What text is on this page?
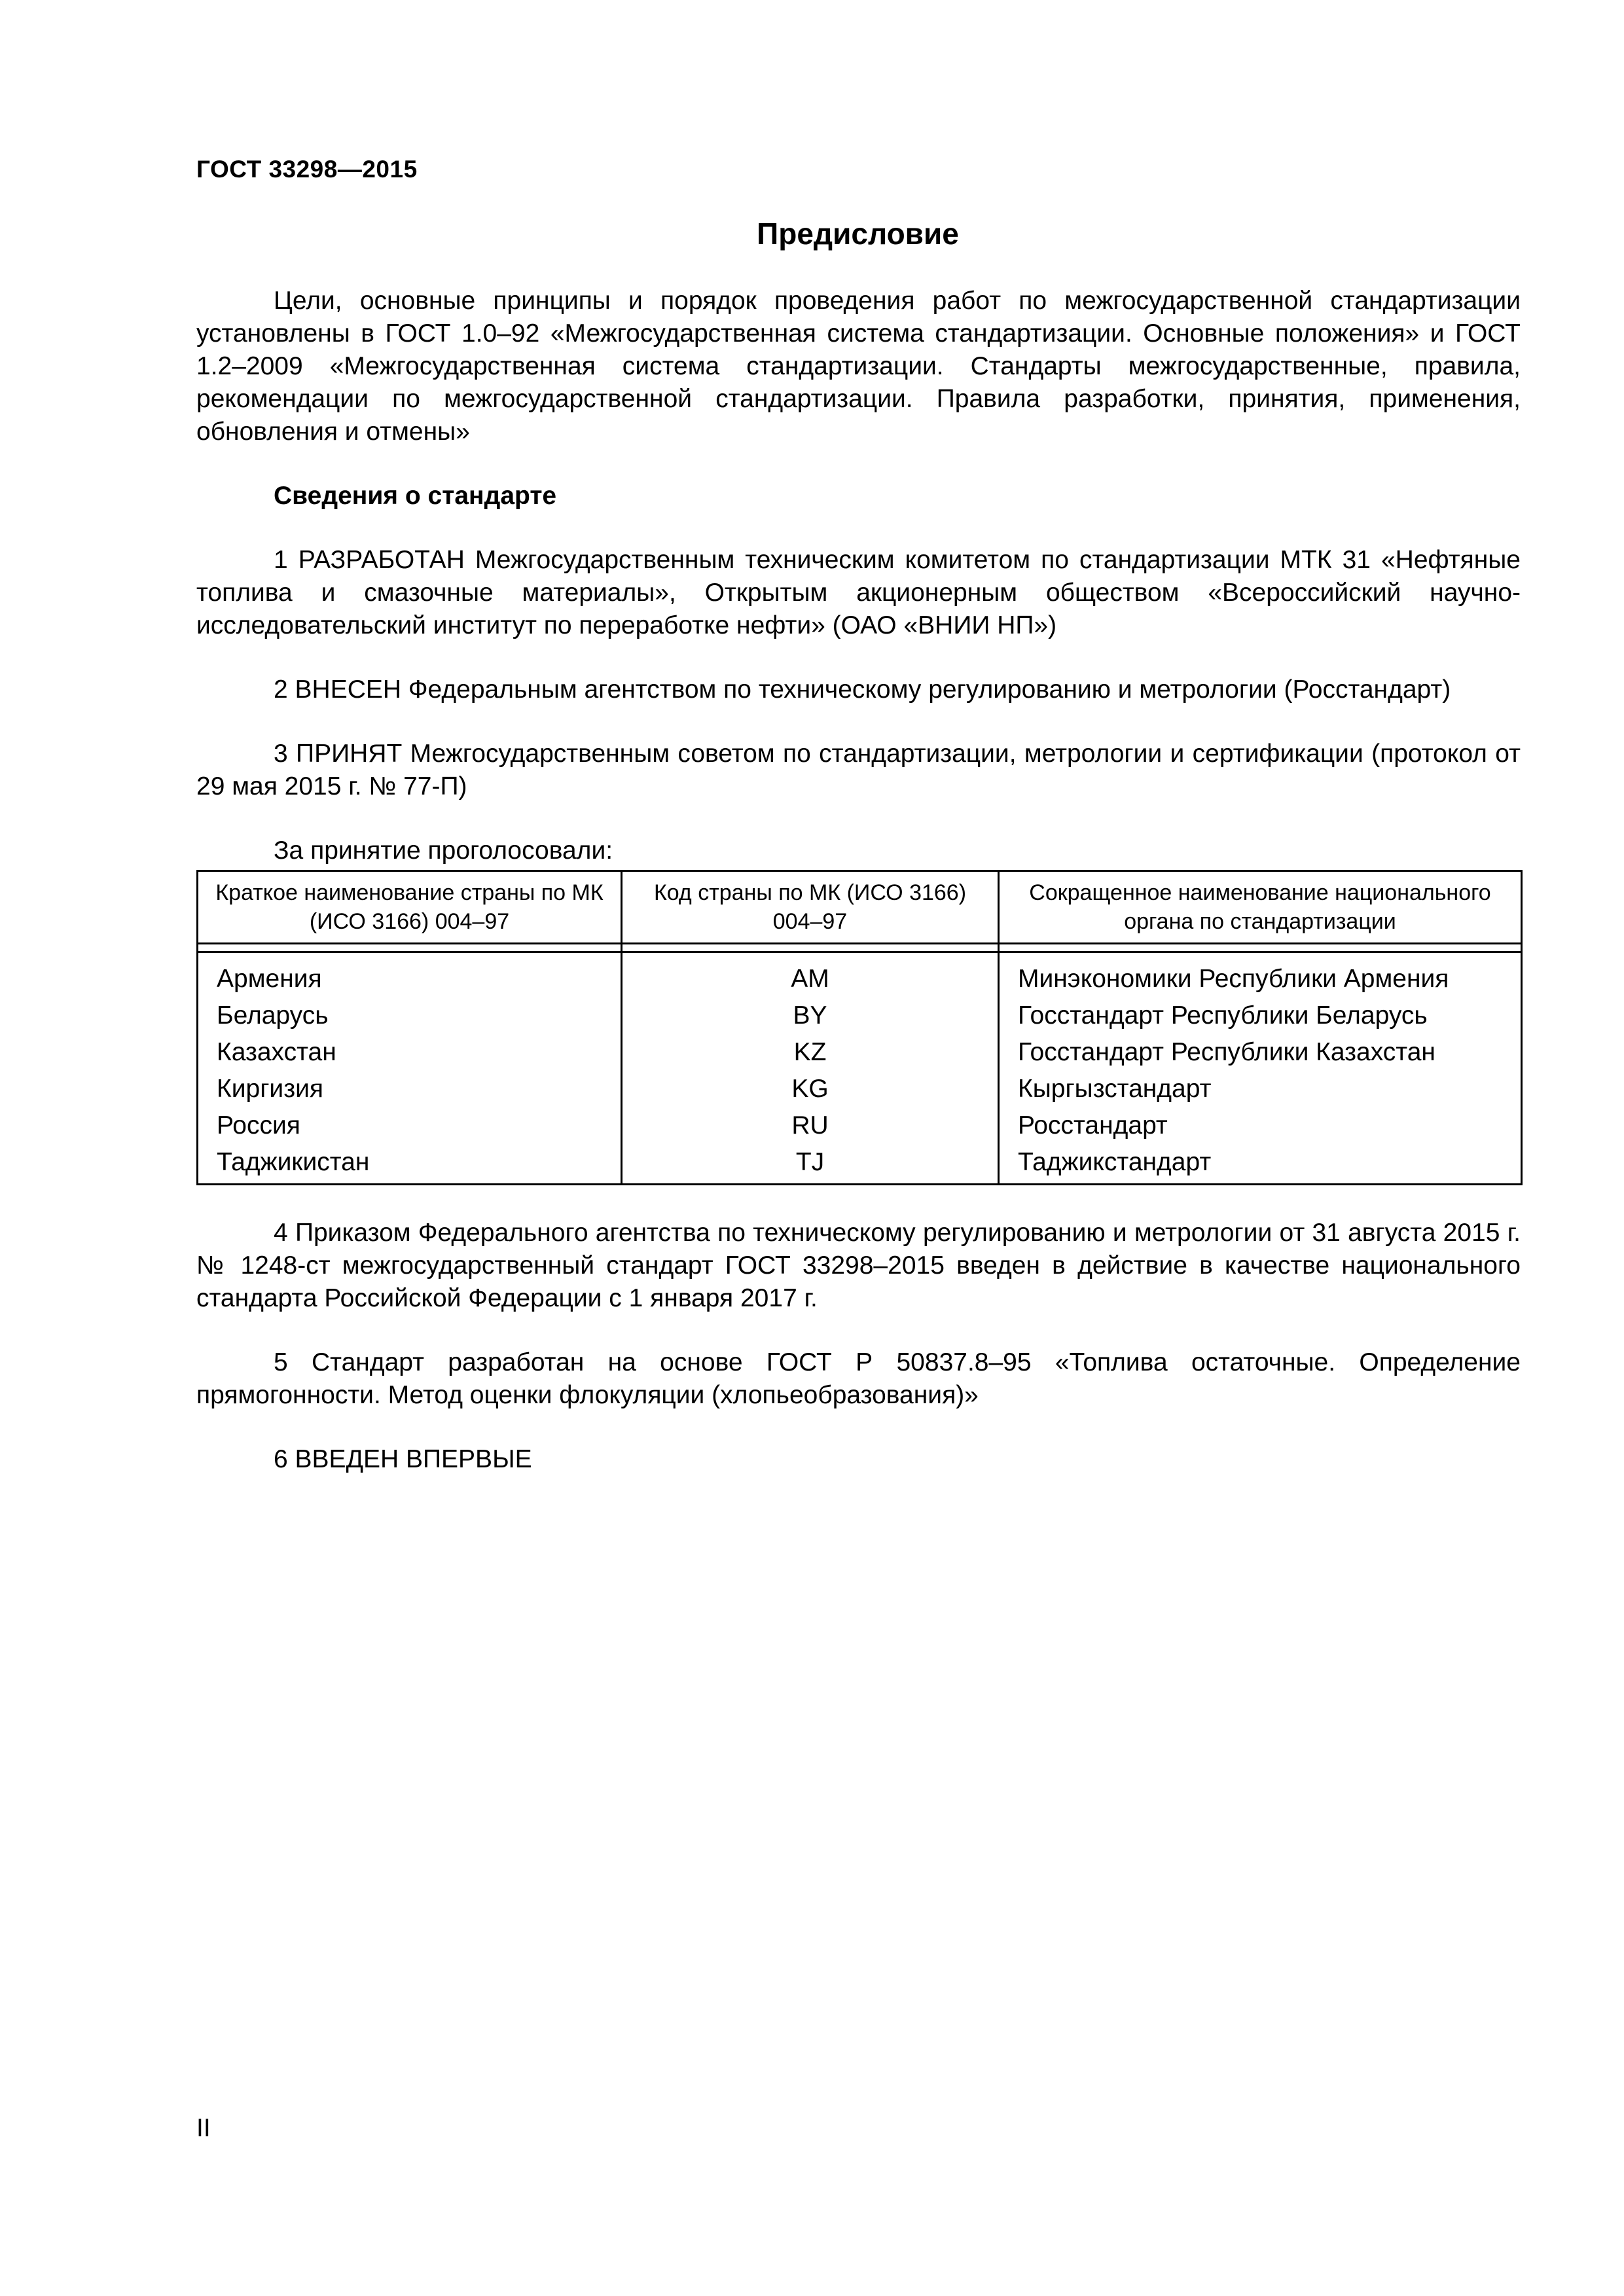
ГОСТ 33298—2015
Предисловие

Цели, основные принципы и порядок проведения работ по межгосударственной стандартизации установлены в ГОСТ 1.0–92 «Межгосударственная система стандартизации. Основные положения» и ГОСТ 1.2–2009 «Межгосударственная система стандартизации. Стандарты межгосударственные, правила, рекомендации по межгосударственной стандартизации. Правила разработки, принятия, применения, обновления и отмены»

Сведения о стандарте

1 РАЗРАБОТАН Межгосударственным техническим комитетом по стандартизации МТК 31 «Нефтяные топлива и смазочные материалы», Открытым акционерным обществом «Всероссийский научно-исследовательский институт по переработке нефти» (ОАО «ВНИИ НП»)

2 ВНЕСЕН Федеральным агентством по техническому регулированию и метрологии (Росстандарт)

3 ПРИНЯТ Межгосударственным советом по стандартизации, метрологии и сертификации (протокол от 29 мая 2015 г. № 77-П)

За принятие проголосовали:

Краткое наименование страны по МК (ИСО 3166) 004–97	Код страны по МК (ИСО 3166) 004–97	Сокращенное наименование национального органа по стандартизации

Армения	AM	Минэкономики Республики Армения
Беларусь	BY	Госстандарт Республики Беларусь
Казахстан	KZ	Госстандарт Республики Казахстан
Киргизия	KG	Кыргызстандарт
Россия	RU	Росстандарт
Таджикистан	TJ	Таджикстандарт

4 Приказом Федерального агентства по техническому регулированию и метрологии от 31 августа 2015 г. № 1248-ст межгосударственный стандарт ГОСТ 33298–2015 введен в действие в качестве национального стандарта Российской Федерации с 1 января 2017 г.

5 Стандарт разработан на основе ГОСТ Р 50837.8–95 «Топлива остаточные. Определение прямогонности. Метод оценки флокуляции (хлопьеобразования)»

6 ВВЕДЕН ВПЕРВЫЕ

II
